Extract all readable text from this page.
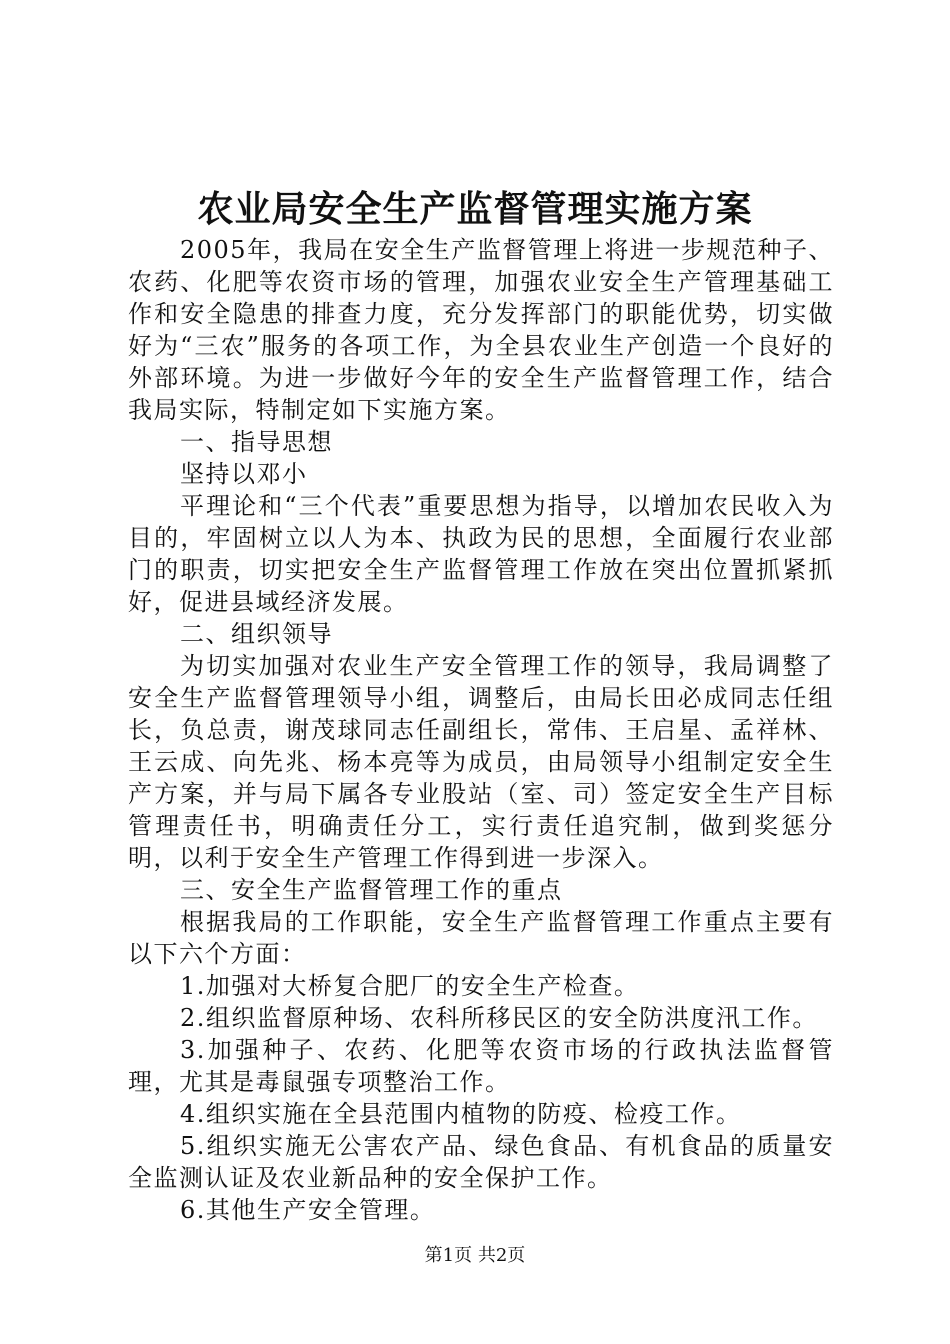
农业局安全生产监督管理实施方案

2005年，我局在安全生产监督管理上将进一步规范种子、农药、化肥等农资市场的管理，加强农业安全生产管理基础工作和安全隐患的排查力度，充分发挥部门的职能优势，切实做好为“三农”服务的各项工作，为全县农业生产创造一个良好的外部环境。为进一步做好今年的安全生产监督管理工作，结合我局实际，特制定如下实施方案。

一、指导思想

坚持以邓小

平理论和“三个代表”重要思想为指导，以增加农民收入为目的，牢固树立以人为本、执政为民的思想，全面履行农业部门的职责，切实把安全生产监督管理工作放在突出位置抓紧抓好，促进县域经济发展。

二、组织领导

为切实加强对农业生产安全管理工作的领导，我局调整了安全生产监督管理领导小组，调整后，由局长田必成同志任组长，负总责，谢茂球同志任副组长，常伟、王启星、孟祥林、王云成、向先兆、杨本亮等为成员，由局领导小组制定安全生产方案，并与局下属各专业股站（室、司）签定安全生产目标管理责任书，明确责任分工，实行责任追究制，做到奖惩分明，以利于安全生产管理工作得到进一步深入。

三、安全生产监督管理工作的重点

根据我局的工作职能，安全生产监督管理工作重点主要有以下六个方面：

1.加强对大桥复合肥厂的安全生产检查。

2.组织监督原种场、农科所移民区的安全防洪度汛工作。

3.加强种子、农药、化肥等农资市场的行政执法监督管理，尤其是毒鼠强专项整治工作。

4.组织实施在全县范围内植物的防疫、检疫工作。

5.组织实施无公害农产品、绿色食品、有机食品的质量安全监测认证及农业新品种的安全保护工作。

6.其他生产安全管理。

第1页 共2页
